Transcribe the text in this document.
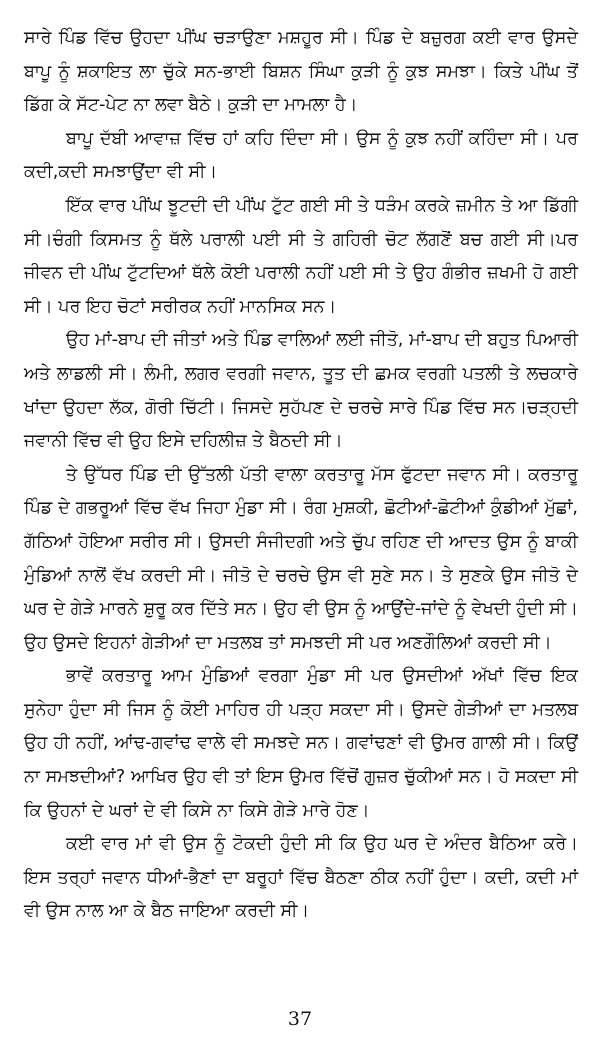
ਸਾਰੇ ਪਿੰਡ ਵਿੱਚ ਉਹਦਾ ਪੀਂਘ ਚੜਾਉਣਾ ਮਸ਼ਹੂਰ ਸੀ। ਪਿੰਡ ਦੇ ਬਜ਼ੁਰਗ ਕਈ ਵਾਰ ਉਸਦੇ ਬਾਪੂ ਨੂੰ ਸ਼ਕਾਇਤ ਲਾ ਚੁੱਕੇ ਸਨ-ਭਾਈ ਬਿਸ਼ਨ ਸਿੰਘਾ ਕੁੜੀ ਨੂੰ ਕੁਝ ਸਮਝਾ। ਕਿਤੇ ਪੀਂਘ ਤੋਂ ਡਿੱਗ ਕੇ ਸੱਟ-ਪੇਟ ਨਾ ਲਵਾ ਬੈਠੇ। ਕੁੜੀ ਦਾ ਮਾਮਲਾ ਹੈ।

ਬਾਪੂ ਦੱਬੀ ਆਵਾਜ਼ ਵਿੱਚ ਹਾਂ ਕਹਿ ਦਿੰਦਾ ਸੀ। ਉਸ ਨੂੰ ਕੁਝ ਨਹੀਂ ਕਹਿੰਦਾ ਸੀ। ਪਰ ਕਦੀ,ਕਦੀ ਸਮਝਾਉਂਦਾ ਵੀ ਸੀ।

ਇੱਕ ਵਾਰ ਪੀਂਘ ਝੂਟਦੀ ਦੀ ਪੀਂਘ ਟੁੱਟ ਗਈ ਸੀ ਤੇ ਧੜੰਮ ਕਰਕੇ ਜ਼ਮੀਨ ਤੇ ਆ ਡਿੱਗੀ ਸੀ।ਚੰਗੀ ਕਿਸਮਤ ਨੂੰ ਥੱਲੇ ਪਰਾਲੀ ਪਈ ਸੀ ਤੇ ਗਹਿਰੀ ਚੋਟ ਲੱਗਣੋਂ ਬਚ ਗਈ ਸੀ।ਪਰ ਜੀਵਨ ਦੀ ਪੀਂਘ ਟੁੱਟਦਿਆਂ ਥੱਲੇ ਕੋਈ ਪਰਾਲੀ ਨਹੀਂ ਪਈ ਸੀ ਤੇ ਉਹ ਗੰਭੀਰ ਜ਼ਖਮੀ ਹੋ ਗਈ ਸੀ। ਪਰ ਇਹ ਚੋਟਾਂ ਸਰੀਰਕ ਨਹੀਂ ਮਾਨਸਿਕ ਸਨ।

ਉਹ ਮਾਂ-ਬਾਪ ਦੀ ਜੀਤਾਂ ਅਤੇ ਪਿੰਡ ਵਾਲਿਆਂ ਲਈ ਜੀਤੋ, ਮਾਂ-ਬਾਪ ਦੀ ਬਹੁਤ ਪਿਆਰੀ ਅਤੇ ਲਾਡਲੀ ਸੀ। ਲੰਮੀ, ਲਗਰ ਵਰਗੀ ਜਵਾਨ, ਤੂਤ ਦੀ ਛਮਕ ਵਰਗੀ ਪਤਲੀ ਤੇ ਲਚਕਾਰੇ ਖਾਂਦਾ ਉਹਦਾ ਲੱਕ, ਗੋਰੀ ਚਿੱਟੀ। ਜਿਸਦੇ ਸੁਹੱਪਣ ਦੇ ਚਰਚੇ ਸਾਰੇ ਪਿੰਡ ਵਿੱਚ ਸਨ।ਚੜ੍ਹਦੀ ਜਵਾਨੀ ਵਿੱਚ ਵੀ ਉਹ ਇਸੇ ਦਹਿਲੀਜ਼ ਤੇ ਬੈਠਦੀ ਸੀ।

ਤੇ ਉੱਧਰ ਪਿੰਡ ਦੀ ਉੱਤਲੀ ਪੱਤੀ ਵਾਲਾ ਕਰਤਾਰੂ ਮੱਸ ਫੁੱਟਦਾ ਜਵਾਨ ਸੀ। ਕਰਤਾਰੂ ਪਿੰਡ ਦੇ ਗਭਰੂਆਂ ਵਿੱਚ ਵੱਖ ਜਿਹਾ ਮੁੰਡਾ ਸੀ। ਰੰਗ ਮੁਸ਼ਕੀ, ਛੋਟੀਆਂ-ਛੋਟੀਆਂ ਕੁੰਡੀਆਂ ਮੁੱਛਾਂ, ਗੱਠਿਆਂ ਹੋਇਆ ਸਰੀਰ ਸੀ। ਉਸਦੀ ਸੰਜੀਦਗੀ ਅਤੇ ਚੁੱਪ ਰਹਿਣ ਦੀ ਆਦਤ ਉਸ ਨੂੰ ਬਾਕੀ ਮੁੰਡਿਆਂ ਨਾਲੋਂ ਵੱਖ ਕਰਦੀ ਸੀ। ਜੀਤੋ ਦੇ ਚਰਚੇ ਉਸ ਵੀ ਸੁਣੇ ਸਨ। ਤੇ ਸੁਣਕੇ ਉਸ ਜੀਤੋ ਦੇ ਘਰ ਦੇ ਗੇੜੇ ਮਾਰਨੇ ਸ਼ੁਰੂ ਕਰ ਦਿੱਤੇ ਸਨ। ਉਹ ਵੀ ਉਸ ਨੂੰ ਆਉਂਦੇ-ਜਾਂਦੇ ਨੂੰ ਵੇਖਦੀ ਹੁੰਦੀ ਸੀ। ਉਹ ਉਸਦੇ ਇਹਨਾਂ ਗੇੜੀਆਂ ਦਾ ਮਤਲਬ ਤਾਂ ਸਮਝਦੀ ਸੀ ਪਰ ਅਣਗੌਲਿਆਂ ਕਰਦੀ ਸੀ।

ਭਾਵੇਂ ਕਰਤਾਰੂ ਆਮ ਮੁੰਡਿਆਂ ਵਰਗਾ ਮੁੰਡਾ ਸੀ ਪਰ ਉਸਦੀਆਂ ਅੱਖਾਂ ਵਿੱਚ ਇਕ ਸੁਨੇਹਾ ਹੁੰਦਾ ਸੀ ਜਿਸ ਨੂੰ ਕੋਈ ਮਾਹਿਰ ਹੀ ਪੜ੍ਹ ਸਕਦਾ ਸੀ। ਉਸਦੇ ਗੇੜੀਆਂ ਦਾ ਮਤਲਬ ਉਹ ਹੀ ਨਹੀਂ, ਆਂਢ-ਗਵਾਂਢ ਵਾਲੇ ਵੀ ਸਮਝਦੇ ਸਨ। ਗਵਾਂਢਣਾਂ ਵੀ ਉਮਰ ਗਾਲੀ ਸੀ। ਕਿਉਂ ਨਾ ਸਮਝਦੀਆਂ? ਆਖਿਰ ਉਹ ਵੀ ਤਾਂ ਇਸ ਉਮਰ ਵਿੱਚੋਂ ਗੁਜ਼ਰ ਚੁੱਕੀਆਂ ਸਨ। ਹੋ ਸਕਦਾ ਸੀ ਕਿ ਉਹਨਾਂ ਦੇ ਘਰਾਂ ਦੇ ਵੀ ਕਿਸੇ ਨਾ ਕਿਸੇ ਗੇੜੇ ਮਾਰੇ ਹੋਣ।

ਕਈ ਵਾਰ ਮਾਂ ਵੀ ਉਸ ਨੂੰ ਟੋਕਦੀ ਹੁੰਦੀ ਸੀ ਕਿ ਉਹ ਘਰ ਦੇ ਅੰਦਰ ਬੈਠਿਆ ਕਰੇ। ਇਸ ਤਰ੍ਹਾਂ ਜਵਾਨ ਧੀਆਂ-ਭੈਣਾਂ ਦਾ ਬਰੂਹਾਂ ਵਿੱਚ ਬੈਠਣਾ ਠੀਕ ਨਹੀਂ ਹੁੰਦਾ। ਕਦੀ, ਕਦੀ ਮਾਂ ਵੀ ਉਸ ਨਾਲ ਆ ਕੇ ਬੈਠ ਜਾਇਆ ਕਰਦੀ ਸੀ।

37
